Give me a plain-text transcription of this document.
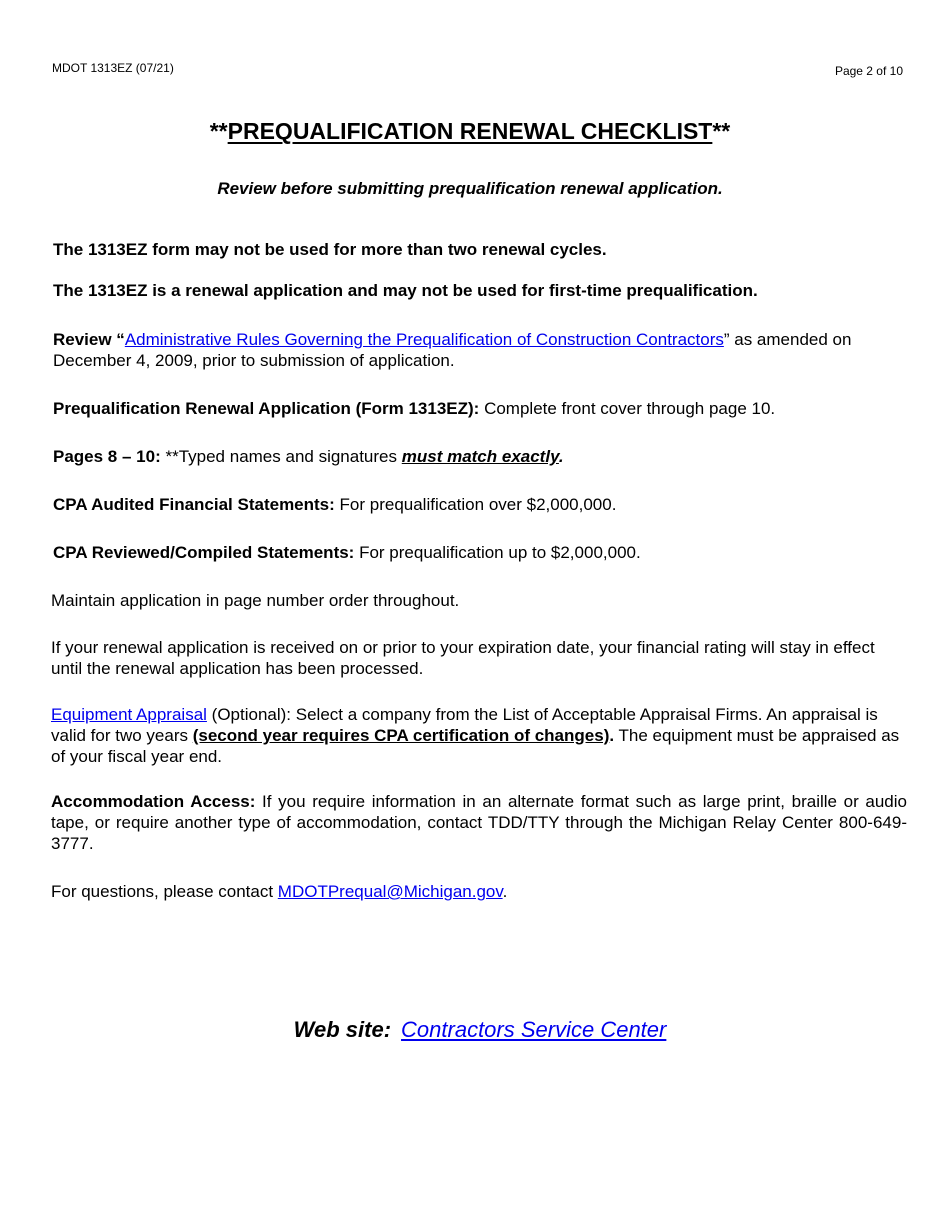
MDOT 1313EZ (07/21)	Page 2 of 10
**PREQUALIFICATION RENEWAL CHECKLIST**
Review before submitting prequalification renewal application.
The 1313EZ form may not be used for more than two renewal cycles.
The 1313EZ is a renewal application and may not be used for first-time prequalification.
Review “Administrative Rules Governing the Prequalification of Construction Contractors” as amended on December 4, 2009, prior to submission of application.
Prequalification Renewal Application (Form 1313EZ): Complete front cover through page 10.
Pages 8 – 10: **Typed names and signatures must match exactly.
CPA Audited Financial Statements: For prequalification over $2,000,000.
CPA Reviewed/Compiled Statements: For prequalification up to $2,000,000.
Maintain application in page number order throughout.
If your renewal application is received on or prior to your expiration date, your financial rating will stay in effect until the renewal application has been processed.
Equipment Appraisal (Optional): Select a company from the List of Acceptable Appraisal Firms. An appraisal is valid for two years (second year requires CPA certification of changes). The equipment must be appraised as of your fiscal year end.
Accommodation Access: If you require information in an alternate format such as large print, braille or audio tape, or require another type of accommodation, contact TDD/TTY through the Michigan Relay Center 800-649-3777.
For questions, please contact MDOTPrequal@Michigan.gov.
Web site: Contractors Service Center
